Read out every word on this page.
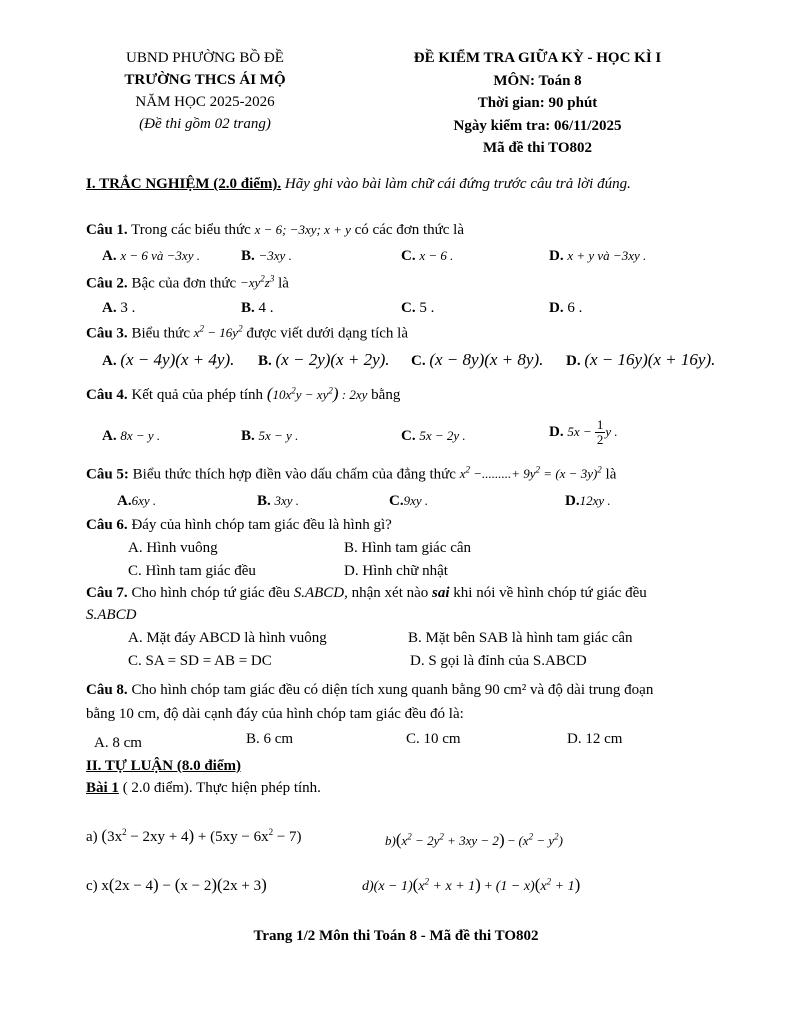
UBND PHƯỜNG BỒ ĐỀ
TRƯỜNG THCS ÁI MỘ
NĂM HỌC 2025-2026
(Đề thi gồm 02 trang)
ĐỀ KIỂM TRA GIỮA KỲ - HỌC KÌ I
MÔN: Toán 8
Thời gian: 90 phút
Ngày kiểm tra: 06/11/2025
Mã đề thi TO802
I. TRẮC NGHIỆM (2.0 điểm). Hãy ghi vào bài làm chữ cái đứng trước câu trả lời đúng.
Câu 1. Trong các biểu thức x − 6; −3xy; x + y có các đơn thức là
A. x − 6 và −3xy .	B. −3xy .	C. x − 6 .	D. x + y và −3xy .
Câu 2. Bậc của đơn thức $-xy^2z^3$ là
A. 3 .	B. 4 .	C. 5 .	D. 6 .
Câu 3. Biểu thức $x^2 - 16y^2$ được viết dưới dạng tích là
A. (x − 4y)(x + 4y). B. (x − 2y)(x + 2y). C. (x − 8y)(x + 8y). D. (x − 16y)(x + 16y).
Câu 4. Kết quả của phép tính $(10x^2y - xy^2)$ : 2xy bằng
A. 8x − y .	B. 5x − y .	C. 5x − 2y .	D. $5x - \frac{1}{2}$ y .
Câu 5: Biểu thức thích hợp điền vào dấu chấm của đẳng thức $x^2$ −.........+ $9y^2 = (x - 3y)^2$ là
A.6xy .	B. 3xy .	C.9xy .	D.12xy .
Câu 6. Đáy của hình chóp tam giác đều là hình gì?
A. Hình vuông	B. Hình tam giác cân
C. Hình tam giác đều	D. Hình chữ nhật
Câu 7. Cho hình chóp tứ giác đều S.ABCD, nhận xét nào sai khi nói về hình chóp tứ giác đều
S.ABCD
A. Mặt đáy ABCD là hình vuông	B. Mặt bên SAB là hình tam giác cân
C. SA = SD = AB = DC	D. S gọi là đỉnh của S.ABCD
Câu 8. Cho hình chóp tam giác đều có diện tích xung quanh bằng 90 cm² và độ dài trung đoạn
bằng 10 cm, độ dài cạnh đáy của hình chóp tam giác đều đó là:
A. 8 cm	B. 6 cm	C. 10 cm	D. 12 cm
II. TỰ LUẬN (8.0 điểm)
Bài 1 ( 2.0 điểm). Thực hiện phép tính.
a) $(3x^2 - 2xy + 4) + (5xy - 6x^2 - 7)$	$b)(x^2 - 2y^2 + 3xy - 2) - (x^2 - y^2)$
c) x(2x − 4) − (x − 2)(2x + 3)	$d)(x - 1)(x^2 + x + 1) + (1 - x)(x^2 + 1)$
Trang 1/2 Môn thi Toán 8 - Mã đề thi TO802
